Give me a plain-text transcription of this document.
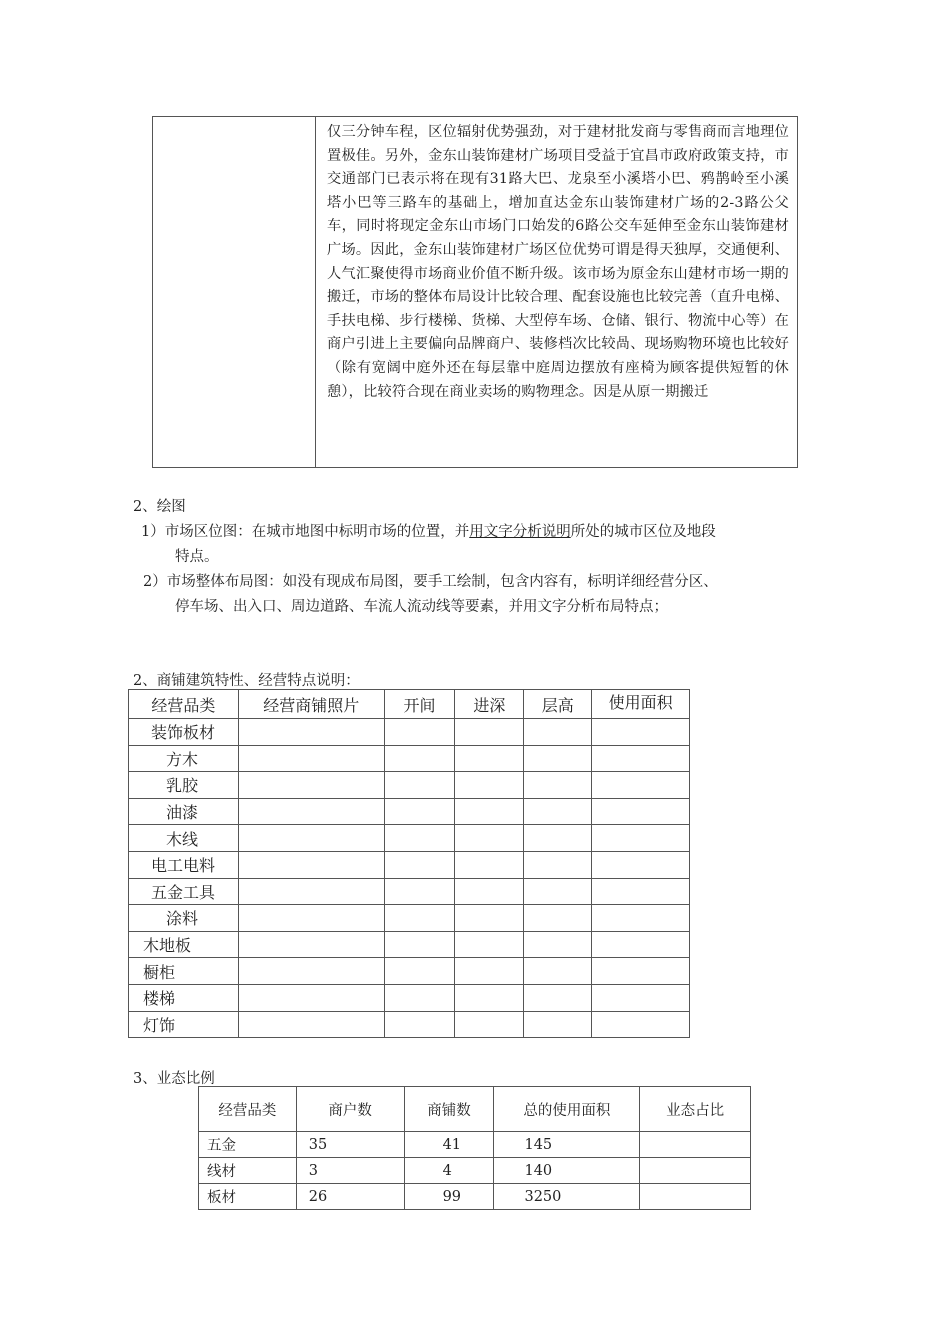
仅三分钟车程，区位辐射优势强劲，对于建材批发商与零售商而言地理位置极佳。另外，金东山装饰建材广场项目受益于宜昌市政府政策支持，市交通部门已表示将在现有31路大巴、龙泉至小溪塔小巴、鸦鹊岭至小溪塔小巴等三路车的基础上，增加直达金东山装饰建材广场的2-3路公父车，同时将现定金东山市场门口始发的6路公交车延伸至金东山装饰建材广场。因此，金东山装饰建材广场区位优势可谓是得天独厚，交通便利、人气汇聚使得市场商业价值不断升级。该市场为原金东山建材市场一期的搬迁，市场的整体布局设计比较合理、配套设施也比较完善（直升电梯、手扶电梯、步行楼梯、货梯、大型停车场、仓储、银行、物流中心等）在商户引进上主要偏向品牌商户、装修档次比较咼、现场购物环境也比较好（除有宽阔中庭外还在每层靠中庭周边摆放有座椅为顾客提供短暂的休憩），比较符合现在商业卖场的购物理念。因是从原一期搬迁
2、绘图
1）市场区位图：在城市地图中标明市场的位置，并用文字分析说明所处的城市区位及地段
特点。
2）市场整体布局图：如没有现成布局图，要手工绘制，包含内容有，标明详细经营分区、
停车场、出入口、周边道路、车流人流动线等要素，并用文字分析布局特点；
2、商铺建筑特性、经营特点说明：
经营品类	经营商铺照片	开间	进深	层高	使用面积
装饰板材					
方木					
乳胶					
油漆					
木线					
电工电料					
五金工具					
涂料					
木地板					
橱柜					
楼梯					
灯饰					
3、业态比例
经营品类	商户数	商铺数	总的使用面积	业态占比
五金	35	41	145	
线材	3	4	140	
板材	26	99	3250	
